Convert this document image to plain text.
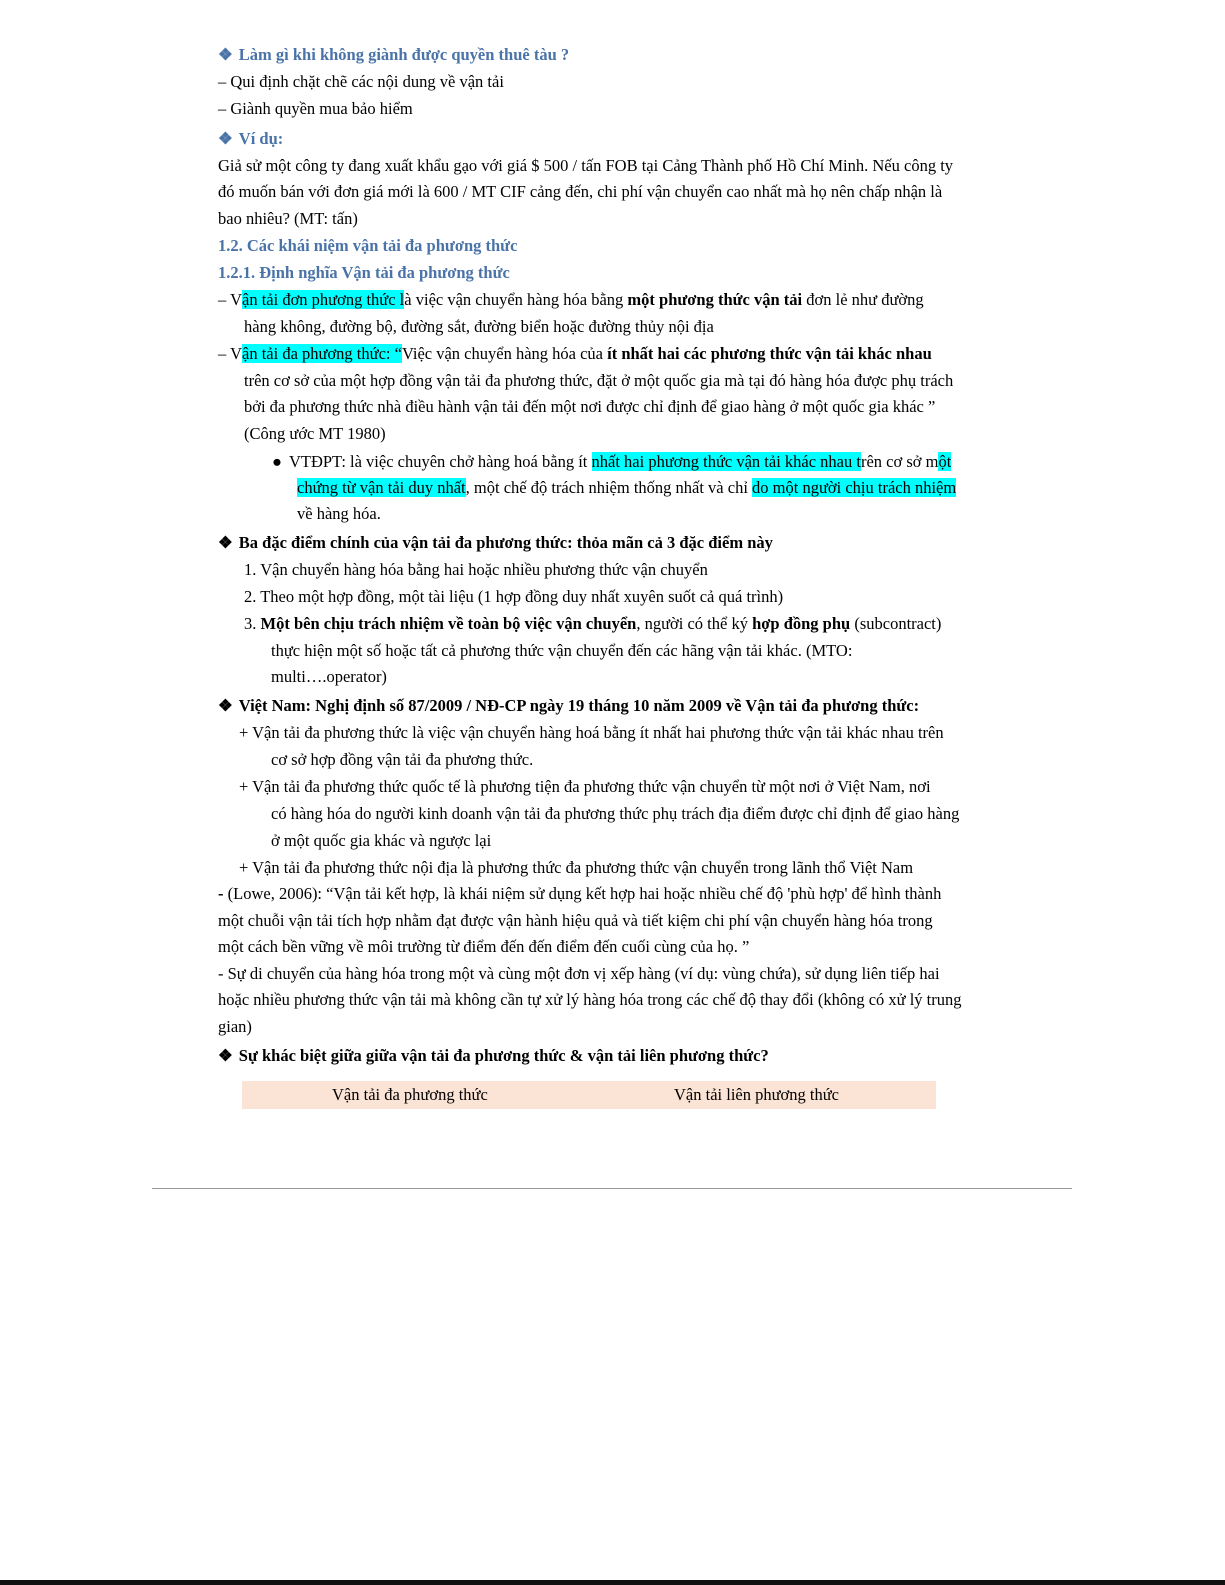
❖ Làm gì khi không giành được quyền thuê tàu ?
– Qui định chặt chẽ các nội dung về vận tải
– Giành quyền mua bảo hiểm
❖ Ví dụ:
Giả sử một công ty đang xuất khẩu gạo với giá $ 500 / tấn FOB tại Cảng Thành phố Hồ Chí Minh. Nếu công ty
đó muốn bán với đơn giá mới là 600 / MT CIF cảng đến, chi phí vận chuyển cao nhất mà họ nên chấp nhận là
bao nhiêu? (MT: tấn)
1.2. Các khái niệm vận tải đa phương thức
1.2.1. Định nghĩa Vận tải đa phương thức
– Vận tải đơn phương thức là việc vận chuyển hàng hóa bằng một phương thức vận tải đơn lẻ như đường
hàng không, đường bộ, đường sắt, đường biển hoặc đường thủy nội địa
– Vận tải đa phương thức: “Việc vận chuyển hàng hóa của ít nhất hai các phương thức vận tải khác nhau
trên cơ sở của một hợp đồng vận tải đa phương thức, đặt ở một quốc gia mà tại đó hàng hóa được phụ trách
bởi đa phương thức nhà điều hành vận tải đến một nơi được chỉ định để giao hàng ở một quốc gia khác ”
(Công ước MT 1980)
● VTĐPT: là việc chuyên chở hàng hoá bằng ít nhất hai phương thức vận tải khác nhau trên cơ sở một
chứng từ vận tải duy nhất, một chế độ trách nhiệm thống nhất và chỉ do một người chịu trách nhiệm
về hàng hóa.
❖ Ba đặc điểm chính của vận tải đa phương thức: thỏa mãn cả 3 đặc điểm này
1. Vận chuyển hàng hóa bằng hai hoặc nhiều phương thức vận chuyển
2. Theo một hợp đồng, một tài liệu (1 hợp đồng duy nhất xuyên suốt cả quá trình)
3. Một bên chịu trách nhiệm về toàn bộ việc vận chuyển, người có thể ký hợp đồng phụ (subcontract)
thực hiện một số hoặc tất cả phương thức vận chuyển đến các hãng vận tải khác. (MTO:
multi….operator)
❖ Việt Nam: Nghị định số 87/2009 / NĐ-CP ngày 19 tháng 10 năm 2009 về Vận tải đa phương thức:
+ Vận tải đa phương thức là việc vận chuyển hàng hoá bằng ít nhất hai phương thức vận tải khác nhau trên
cơ sở hợp đồng vận tải đa phương thức.
+ Vận tải đa phương thức quốc tế là phương tiện đa phương thức vận chuyển từ một nơi ở Việt Nam, nơi
có hàng hóa do người kinh doanh vận tải đa phương thức phụ trách địa điểm được chỉ định để giao hàng
ở một quốc gia khác và ngược lại
+ Vận tải đa phương thức nội địa là phương thức đa phương thức vận chuyển trong lãnh thổ Việt Nam
- (Lowe, 2006): “Vận tải kết hợp, là khái niệm sử dụng kết hợp hai hoặc nhiều chế độ 'phù hợp' để hình thành
một chuỗi vận tải tích hợp nhằm đạt được vận hành hiệu quả và tiết kiệm chi phí vận chuyển hàng hóa trong
một cách bền vững về môi trường từ điểm đến đến điểm đến cuối cùng của họ. ”
- Sự di chuyển của hàng hóa trong một và cùng một đơn vị xếp hàng (ví dụ: vùng chứa), sử dụng liên tiếp hai
hoặc nhiều phương thức vận tải mà không cần tự xử lý hàng hóa trong các chế độ thay đổi (không có xử lý trung
gian)
❖ Sự khác biệt giữa giữa vận tải đa phương thức & vận tải liên phương thức?
Vận tải đa phương thức	Vận tải liên phương thức
